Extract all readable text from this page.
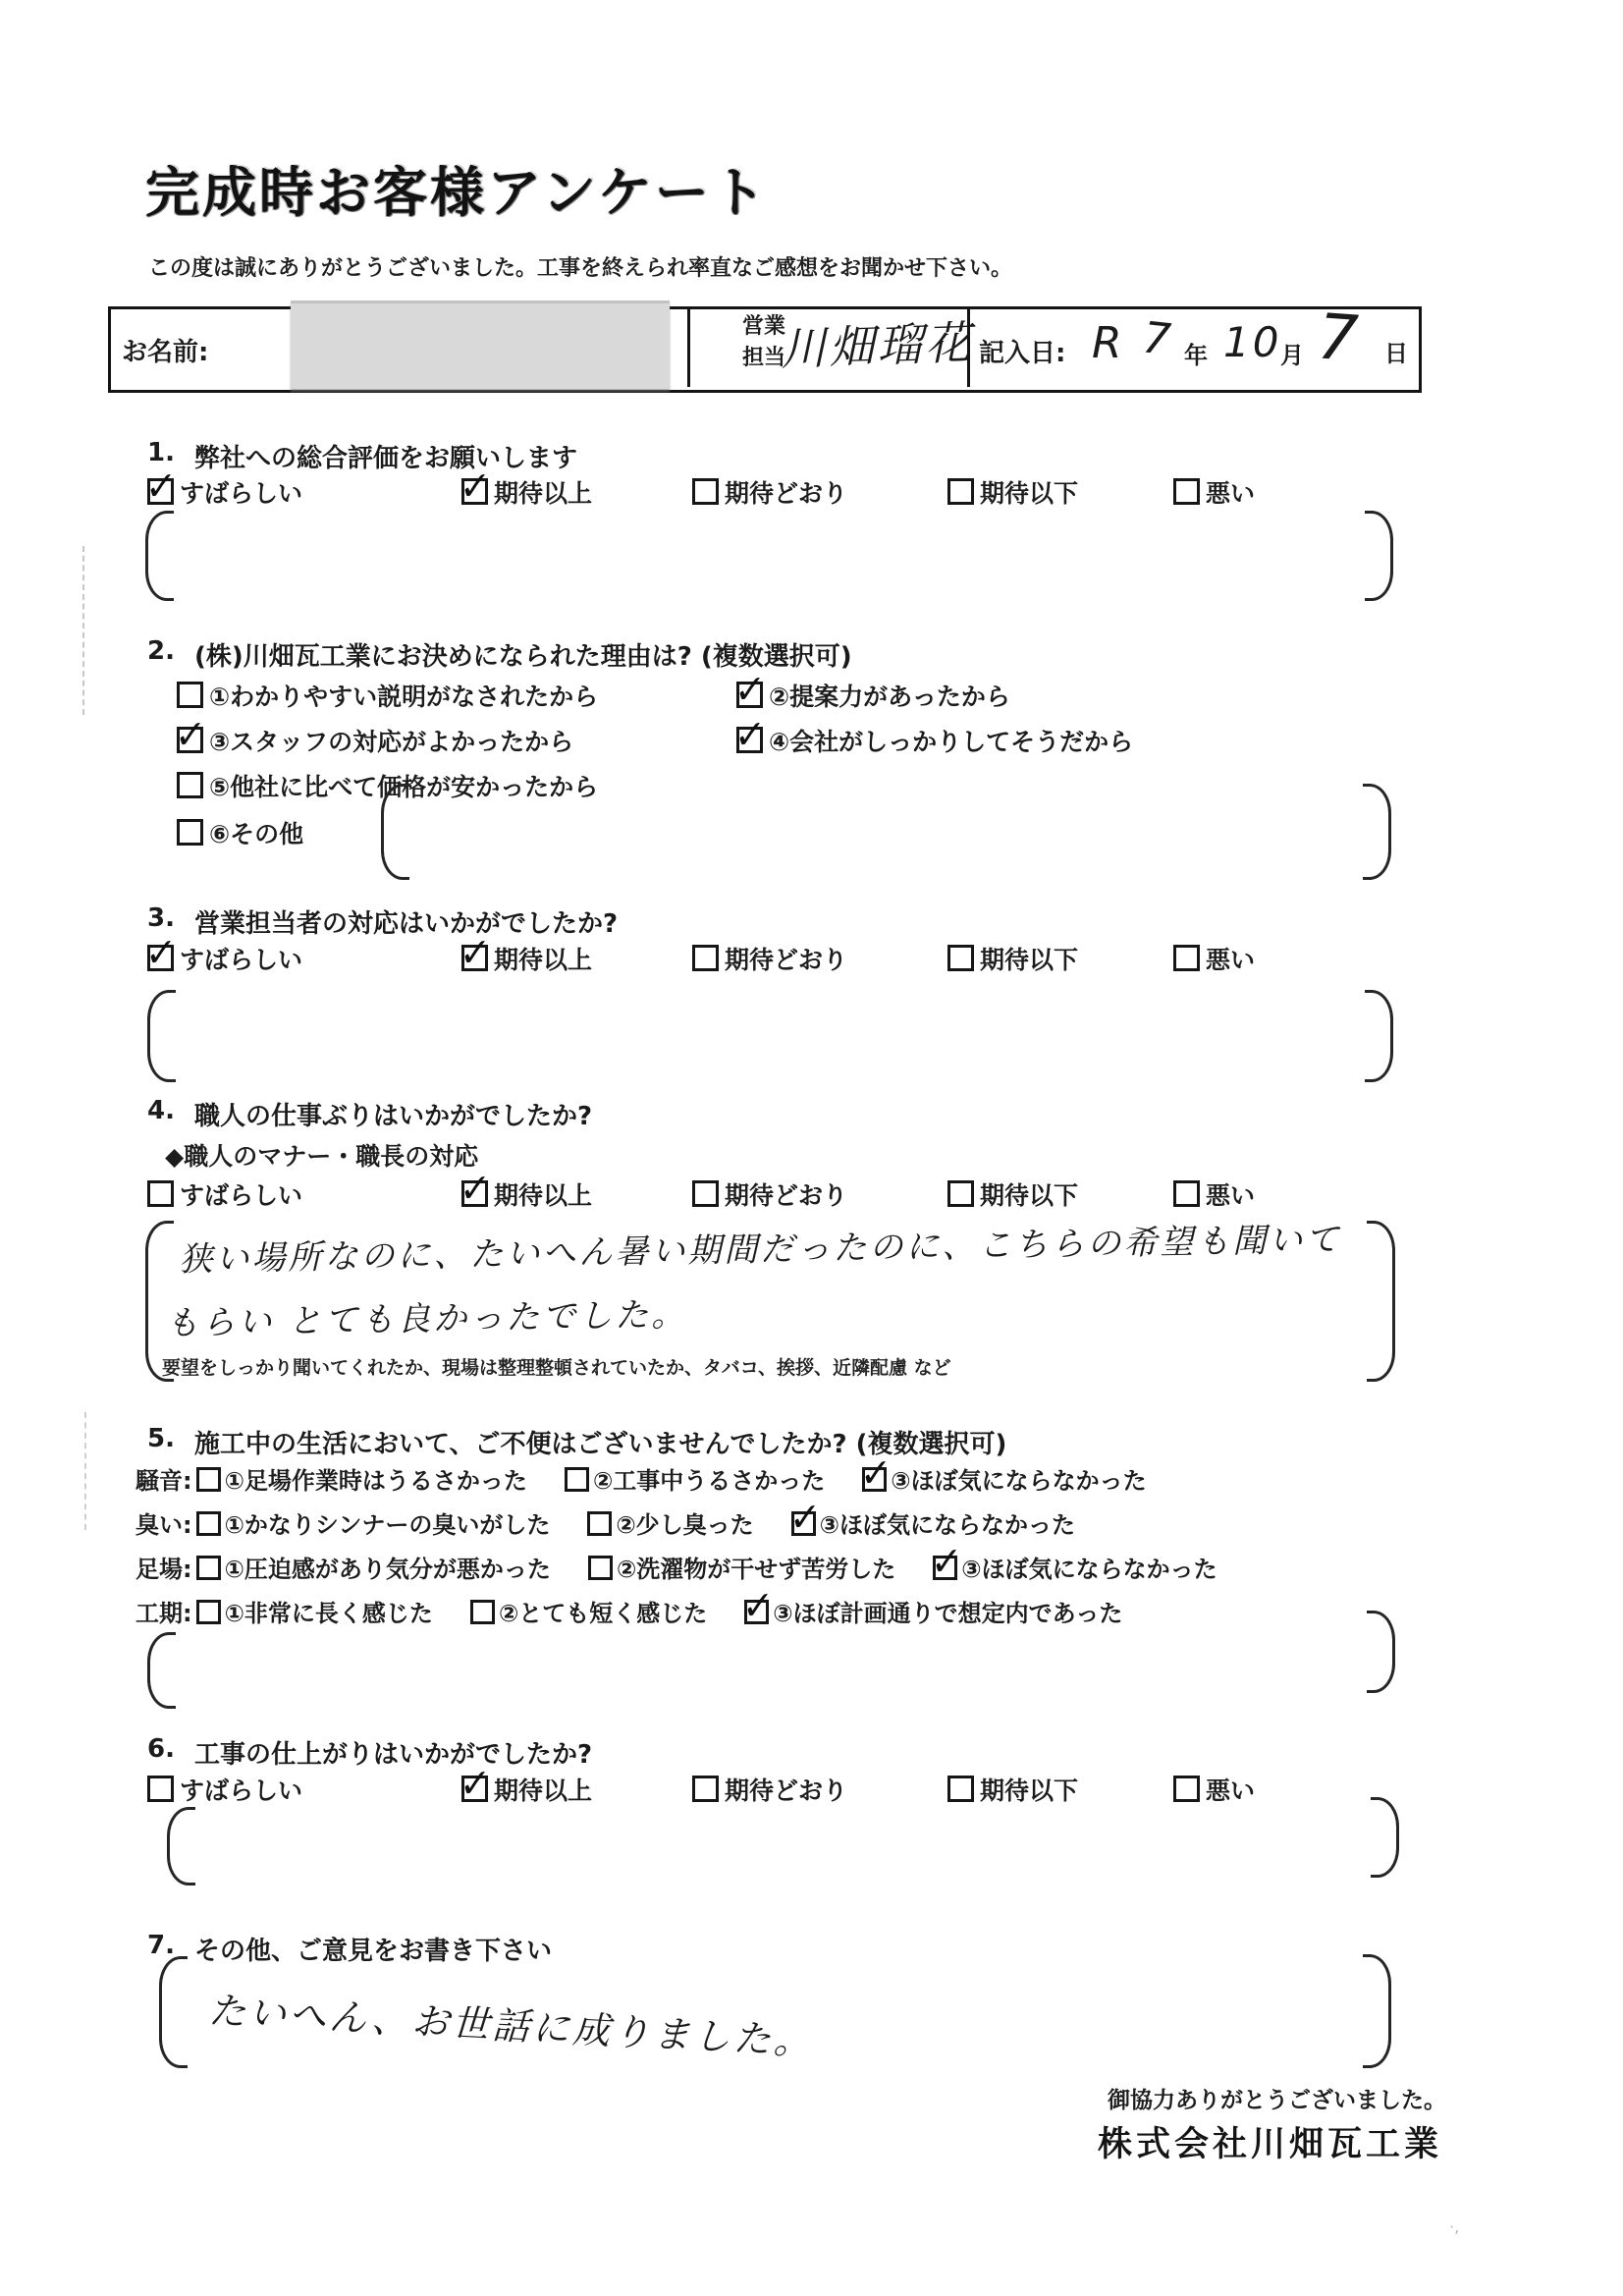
完成時お客様アンケート
この度は誠にありがとうございました。工事を終えられ率直なご感想をお聞かせ下さい。
お名前:
営業
担当
川畑瑠花 記入日: R 7 年 10
月 7 日
1. 弊社への総合評価をお願いします
✓すばらしい ✓	期待以上	期待どおり	期待以下	悪い
2. (株)川畑瓦工業にお決めになられた理由は? (複数選択可)
①わかりやすい説明がなされたから ✓	②提案力があったから
✓③スタッフの対応がよかったから ✓	④会社がしっかりしてそうだから
⑤他社に比べて価格が安かったから
⑥その他
3. 営業担当者の対応はいかがでしたか?
✓すばらしい ✓	期待以上	期待どおり	期待以下	悪い
4. 職人の仕事ぶりはいかがでしたか?
◆職人のマナー・職長の対応
すばらしい ✓	期待以上	期待どおり	期待以下	悪い
狭い場所なのに、たいへん暑い期間だったのに、こちらの希望も聞いて
もらい とても良かったでした。
要望をしっかり聞いてくれたか、現場は整理整頓されていたか、タバコ、挨拶、近隣配慮 など
5. 施工中の生活において、ご不便はございませんでしたか? (複数選択可)
騒音: ①足場作業時はうるさかった	②工事中うるさかった ✓	③ほぼ気にならなかった
臭い: ①かなりシンナーの臭いがした	②少し臭った ✓	③ほぼ気にならなかった
足場: ①圧迫感があり気分が悪かった	②洗濯物が干せず苦労した ✓	③ほぼ気にならなかった
工期: ①非常に長く感じた	②とても短く感じた ✓	③ほぼ計画通りで想定内であった
6. 工事の仕上がりはいかがでしたか?
すばらしい ✓	期待以上	期待どおり	期待以下	悪い
7. その他、ご意見をお書き下さい
たいへん、お世話に成りました。
御協力ありがとうございました。
株式会社川畑瓦工業
·,
